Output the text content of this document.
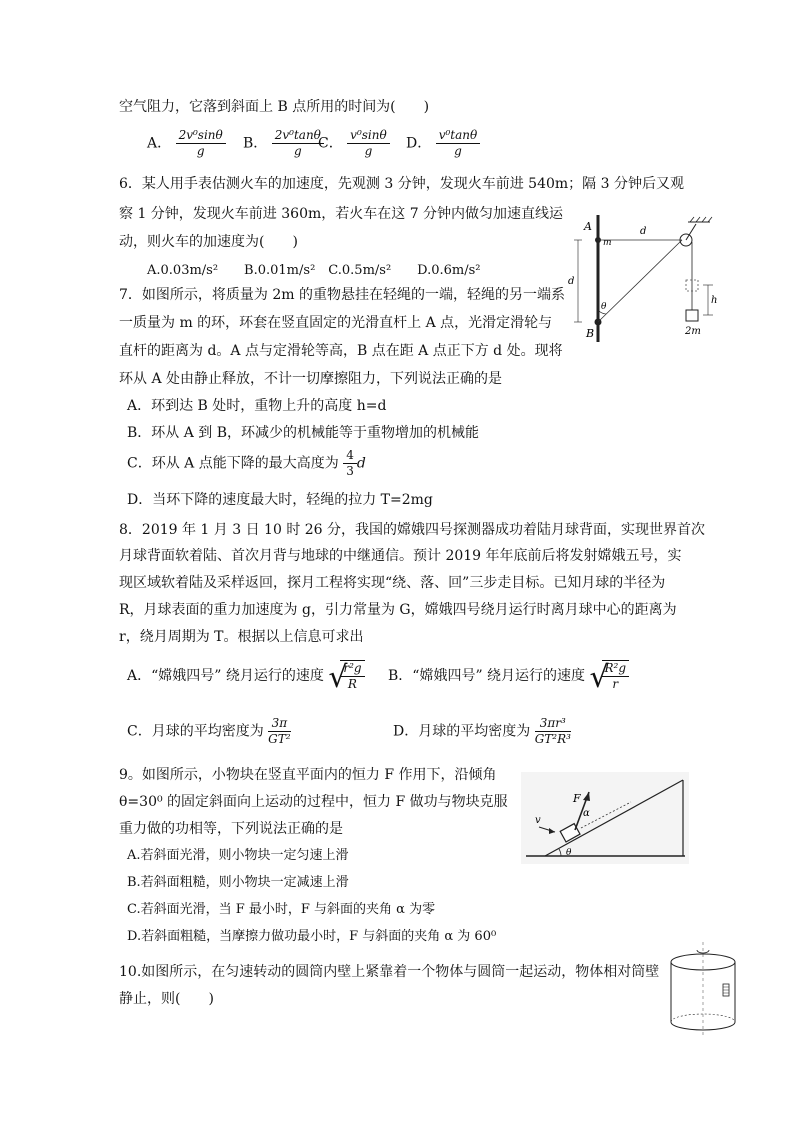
空气阻力，它落到斜面上 B 点所用的时间为(　　)
A． $\frac{\text{2v⁰sinθ}}{g}$ B． $\frac{\text{2v⁰tanθ}}{g}$
C． $\frac{\text{v⁰sinθ}}{g}$ D． $\frac{\text{v⁰tanθ}}{g}$
6．某人用手表估测火车的加速度，先观测 3 分钟，发现火车前进 540m；隔 3 分钟后又观
察 1 分钟，发现火车前进 360m，若火车在这 7 分钟内做匀加速直线运
动，则火车的加速度为(　　)
A.0.03m/s²　　B.0.01m/s²　C.0.5m/s²　　D.0.6m/s²
7．如图所示，将质量为 2m 的重物悬挂在轻绳的一端，轻绳的另一端系
一质量为 m 的环，环套在竖直固定的光滑直杆上 A 点，光滑定滑轮与
直杆的距离为 d。A 点与定滑轮等高，B 点在距 A 点正下方 d 处。现将
环从 A 处由静止释放，不计一切摩擦阻力，下列说法正确的是
A．环到达 B 处时，重物上升的高度 h=d
B．环从 A 到 B，环减少的机械能等于重物增加的机械能
C．环从 A 点能下降的最大高度为 $\frac{4}{3}$ d
D．当环下降的速度最大时，轻绳的拉力 T=2mg
A
B
m
d
d
θ
h
2m
8．2019 年 1 月 3 日 10 时 26 分，我国的嫦娥四号探测器成功着陆月球背面，实现世界首次
月球背面软着陆、首次月背与地球的中继通信。预计 2019 年年底前后将发射嫦娥五号，实
现区域软着陆及采样返回，探月工程将实现“绕、落、回”三步走目标。已知月球的半径为
R，月球表面的重力加速度为 g，引力常量为 G，嫦娥四号绕月运行时离月球中心的距离为
r，绕月周期为 T。根据以上信息可求出
A．“嫦娥四号” 绕月运行的速度 √
$\frac{\text{r²g}}{R}$ B．“嫦娥四号” 绕月运行的速度 √
$\frac{\text{R²g}}{r}$
C．月球的平均密度为 $\frac{3\pi}{\text{GT²}}$	D．月球的平均密度为 $\frac{\text{3πr³}}{\text{GT²R³}}$
9。如图所示，小物块在竖直平面内的恒力 F 作用下，沿倾角
θ=30⁰ 的固定斜面向上运动的过程中，恒力 F 做功与物块克服
重力做的功相等，下列说法正确的是
A.若斜面光滑，则小物块一定匀速上滑
B.若斜面粗糙，则小物块一定减速上滑
C.若斜面光滑，当 F 最小时，F 与斜面的夹角 α 为零
D.若斜面粗糙，当摩擦力做功最小时，F 与斜面的夹角 α 为 60⁰
F
v
α
θ
10.如图所示，在匀速转动的圆筒内壁上紧靠着一个物体与圆筒一起运动，物体相对筒壁
静止，则(　　)
